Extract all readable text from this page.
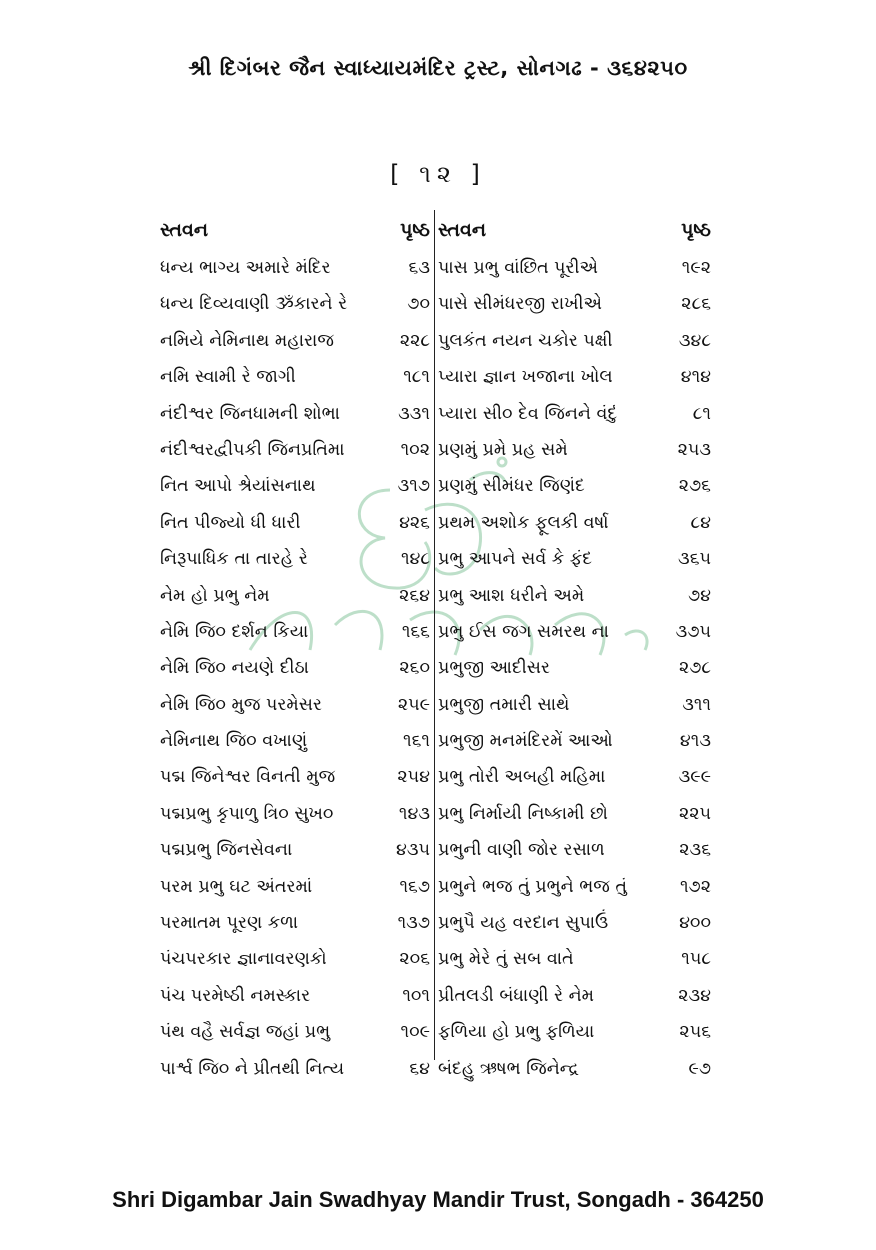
શ્રી દિગંબર જૈન સ્વાધ્યાયમંદિર ટ્રસ્ટ, સોનગઢ - ૩૬૪૨૫૦
[ ૧૨ ]
સ્તવન	પૃષ્ઠ સ્તવન	પૃષ્ઠ
ધન્ય ભાગ્ય અમારે મંદિર	૬૩ પાસ પ્રભુ વાંછિત પૂરીએ	૧૯૨
ધન્ય દિવ્યવાણી ૐકારને રે	૭૦ પાસે સીમંધરજી રાખીએ	૨૮૬
નમિયે નેમિનાથ મહારાજ	૨૨૮ પુલકંત નયન ચકોર પક્ષી	૩૪૮
નમિ સ્વામી રે જાગી	૧૮૧ પ્યારા જ્ઞાન ખજાના ખોલ	૪૧૪
નંદીશ્વર જિનધામની શોભા	૩૩૧ પ્યારા સી૦ દેવ જિનને વંદું	૮૧
નંદીશ્વરદ્વીપકી જિનપ્રતિમા	૧૦૨ પ્રણમું પ્રમે પ્રહ સમે	૨૫૩
નિત આપો શ્રેયાંસનાથ	૩૧૭ પ્રણમું સીમંધર જિણંદ	૨૭૬
નિત પીજ્યો ધી ધારી	૪૨૬ પ્રથમ અશોક ફૂલકી વર્ષા	૮૪
નિરૂપાધિક તા તારહે રે	૧૪૮ પ્રભુ આપને સર્વ કે ફંદ	૩૬૫
નેમ હો પ્રભુ નેમ	૨૬૪ પ્રભુ આશ ધરીને અમે	૭૪
નેમિ જિ૦ દર્શન કિયા	૧૬૬ પ્રભુ ઈસ જગ સમરથ ના	૩૭૫
નેમિ જિ૦ નયણે દીઠા	૨૬૦ પ્રભુજી આદીસર	૨૭૮
નેમિ જિ૦ મુજ પરમેસર	૨૫૯ પ્રભુજી તમારી સાથે	૩૧૧
નેમિનાથ જિ૦ વખાણું	૧૬૧ પ્રભુજી મનમંદિરમેં આઓ	૪૧૩
પદ્મ જિનેશ્વર વિનતી મુજ	૨૫૪ પ્રભુ તોરી અબહી મહિમા	૩૯૯
પદ્મપ્રભુ કૃપાળુ ત્રિ૦ સુખ૦	૧૪૩ પ્રભુ નિર્માયી નિષ્કામી છો	૨૨૫
પદ્મપ્રભુ જિનસેવના	૪૩૫ પ્રભુની વાણી જોર રસાળ	૨૩૬
પરમ પ્રભુ ઘટ અંતરમાં	૧૬૭ પ્રભુને ભજ તું પ્રભુને ભજ તું	૧૭૨
પરમાતમ પૂરણ કળા	૧૩૭ પ્રભુપૈ યહ વરદાન સુપાઉં	૪૦૦
પંચપરકાર જ્ઞાનાવરણકો	૨૦૬ પ્રભુ મેરે તું સબ વાતે	૧૫૮
પંચ પરમેષ્ઠી નમસ્કાર	૧૦૧ પ્રીતલડી બંધાણી રે નેમ	૨૩૪
પંથ વહૈ સર્વજ્ઞ જહાં પ્રભુ	૧૦૯ ફળિયા હો પ્રભુ ફળિયા	૨૫૬
પાર્શ્વ જિ૦ ને પ્રીતથી નિત્ય	૬૪ બંદહુ ઋષભ જિનેન્દ્ર	૯૭
Shri Digambar Jain Swadhyay Mandir Trust, Songadh - 364250
